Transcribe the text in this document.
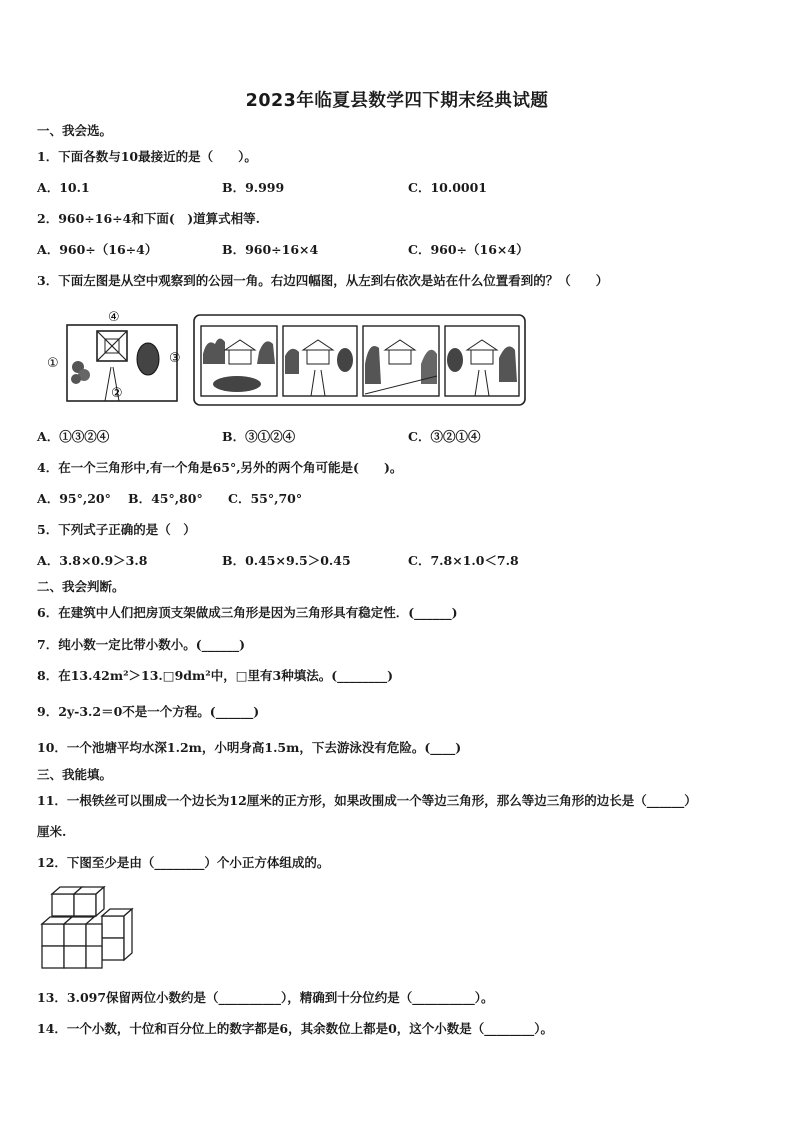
2023年临夏县数学四下期末经典试题
一、我会选。
1．下面各数与10最接近的是（　　）。
A．10.1	B．9.999	C．10.0001
2．960÷16÷4和下面(　)道算式相等.
A．960÷（16÷4）	B．960÷16×4	C．960÷（16×4）
3．下面左图是从空中观察到的公园一角。右边四幅图，从左到右依次是站在什么位置看到的？（　　）
④
①
②
③
A．①③②④	B．③①②④	C．③②①④
4．在一个三角形中,有一个角是65°,另外的两个角可能是(　　)。
A．95°,20° B．45°,80° C．55°,70°
5．下列式子正确的是（　）
A．3.8×0.9＞3.8	B．0.45×9.5＞0.45	C．7.8×1.0＜7.8
二、我会判断。
6．在建筑中人们把房顶支架做成三角形是因为三角形具有稳定性．(______)
7．纯小数一定比带小数小。(______)
8．在13.42m²＞13.□9dm²中，□里有3种填法。(________)
9．2y-3.2＝0不是一个方程。(______)
10．一个池塘平均水深1.2m，小明身高1.5m，下去游泳没有危险。(____)
三、我能填。
11．一根铁丝可以围成一个边长为12厘米的正方形，如果改围成一个等边三角形，那么等边三角形的边长是（______）
厘米.
12．下图至少是由（________）个小正方体组成的。
13．3.097保留两位小数约是（__________），精确到十分位约是（__________）。
14．一个小数，十位和百分位上的数字都是6，其余数位上都是0，这个小数是（________）。
